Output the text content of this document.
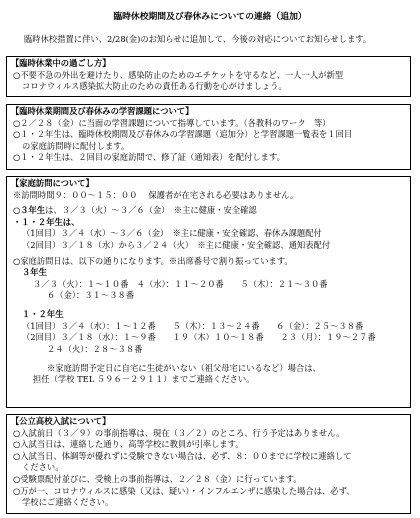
臨時休校期間及び春休みについての連絡（追加）
臨時休校措置に伴い、2/28(金)のお知らせに追加して、今後の対応についてお知らせします。
【臨時休業中の過ごし方】
○不要不急の外出を避けたり、感染防止のためのエチケットを守るなど、一人一人が新型
コロナウィルス感染拡大防止のための責任ある行動を心がけましょう。
【臨時休業期間及び春休みの学習課題について】
○２／２８（金）に当面の学習課題について指導しています。（各教科のワーク　等）
○１・２年生は、臨時休校期間及び春休みの学習課題（追加分）と学習課題一覧表を１回目
の家庭訪問時に配付します。
○１・２年生は、２回目の家庭訪問で、修了証（通知表）を配付します。
【家庭訪問について】
※訪問時間９：００～１５：００　 保護者が在宅される必要はありません。
○３年生は、３／３（火）～３／６（金）　※主に健康・安全確認
・１・２年生は、
（1回目）３／４（水）～３／６（金）　※主に健康・安全確認、春休み課題配付
（2回目）３／１８（水）から３／２４（火）　※主に健康・安全確認、通知表配付
○家庭訪問日は、以下の通りになります。※出席番号で割り振っています。
３年生
３／３（火）：１～１０番　４（水）：１１～２０番　　５（木）：２１～３０番
６（金）：３１～３８番
１・２年生
（1回目）３／４（水）：１～１２番　　５（木）：１３～２４番　　６（金）：２５～３８番
（2回目）３／１８（水）：１～９番　　１９（木）１０～１８番　　２３（月）：１９～２７番
２４（火）：２８～３８番
※家庭訪問予定日に自宅に生徒がいない（祖父母宅にいるなど）場合は、
担任（学校 TEL ５９６－２９１１）までご連絡ください。
【公立高校入試について】
○入試前日（３／９）の事前指導は、現在（３／２）のところ、行う予定はありません。
○入試当日は、連絡した通り、高等学校に教員が引率します。
○入試当日、体調等が優れずに受験できない場合は、必ず、８：００までに学校に連絡して
ください。
○受験票配付並びに、受検上の事前指導は、２／２８（金）に行っています。
○万が一、コロナウィルスに感染（又は、疑い）・インフルエンザに感染した場合は、必ず、
学校にご連絡ください。
